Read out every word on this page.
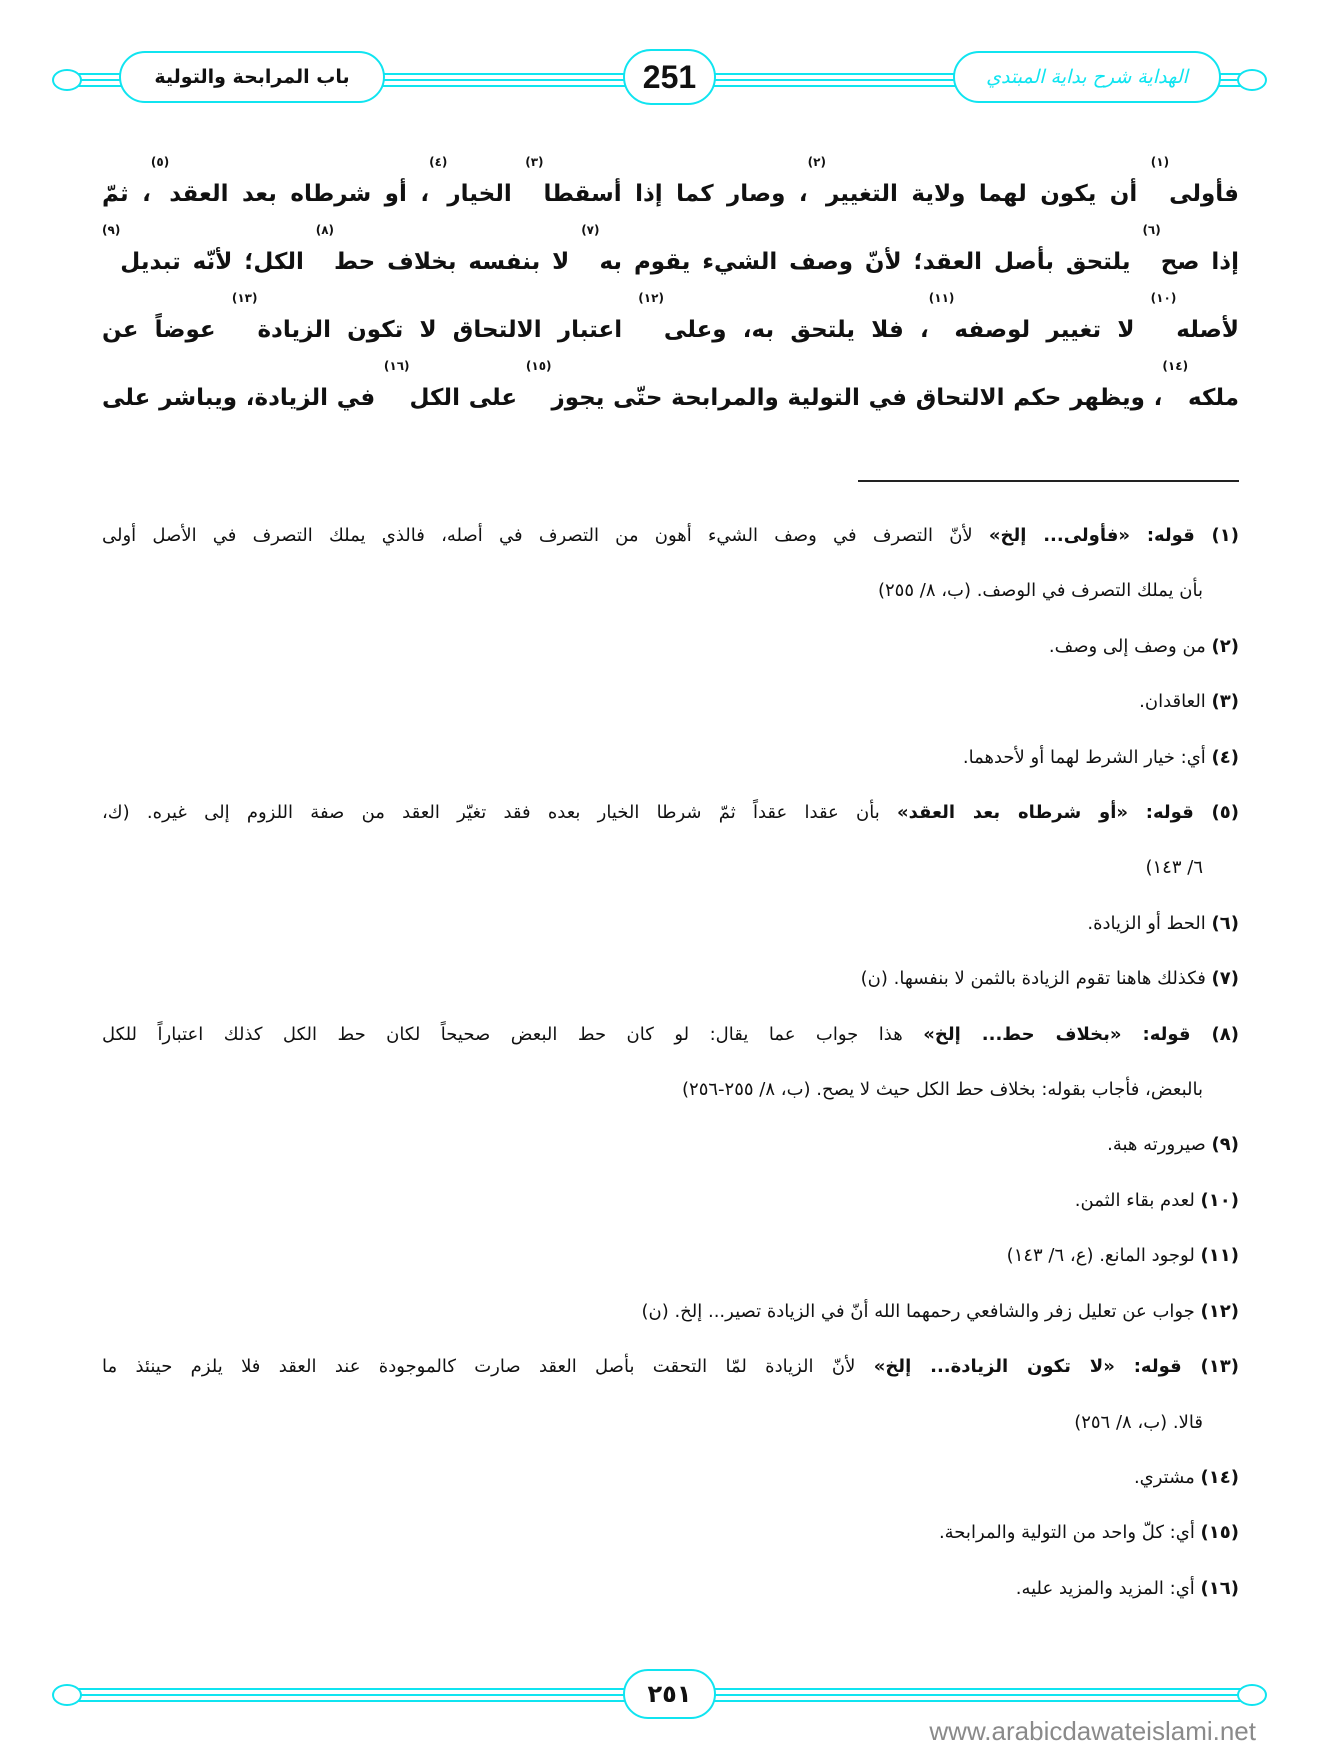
باب المرابحة والتولية	251	الهداية شرح بداية المبتدي
فأولى$^{(١)}$ أن يكون لهما ولاية التغيير$^{(٢)}$، وصار كما إذا أسقطا$^{(٣)}$ الخيار$^{(٤)}$، أو شرطاه بعد العقد$^{(٥)}$، ثمّ
إذا صح$^{(٦)}$ يلتحق بأصل العقد؛ لأنّ وصف الشيء يقوم به$^{(٧)}$ لا بنفسه بخلاف حط$^{(٨)}$ الكل؛ لأنّه تبديل$^{(٩)}$
لأصله$^{(١٠)}$ لا تغيير لوصفه$^{(١١)}$، فلا يلتحق به، وعلى$^{(١٢)}$ اعتبار الالتحاق لا تكون الزيادة$^{(١٣)}$ عوضاً عن
ملكه$^{(١٤)}$، ويظهر حكم الالتحاق في التولية والمرابحة حتّى يجوز$^{(١٥)}$ على الكل$^{(١٦)}$ في الزيادة، ويباشر على
(١) قوله: «فأولى... إلخ» لأنّ التصرف في وصف الشيء أهون من التصرف في أصله، فالذي يملك التصرف في الأصل أولى
بأن يملك التصرف في الوصف. (ب، ٨/ ٢٥٥)
(٢) من وصف إلى وصف.
(٣) العاقدان.
(٤) أي: خيار الشرط لهما أو لأحدهما.
(٥) قوله: «أو شرطاه بعد العقد» بأن عقدا عقداً ثمّ شرطا الخيار بعده فقد تغيّر العقد من صفة اللزوم إلى غيره. (ك،
٦/ ١٤٣)
(٦) الحط أو الزيادة.
(٧) فكذلك هاهنا تقوم الزيادة بالثمن لا بنفسها. (ن)
(٨) قوله: «بخلاف حط... إلخ» هذا جواب عما يقال: لو كان حط البعض صحيحاً لكان حط الكل كذلك اعتباراً للكل
بالبعض، فأجاب بقوله: بخلاف حط الكل حيث لا يصح. (ب، ٨/ ٢٥٥-٢٥٦)
(٩) صيرورته هبة.
(١٠) لعدم بقاء الثمن.
(١١) لوجود المانع. (ع، ٦/ ١٤٣)
(١٢) جواب عن تعليل زفر والشافعي رحمهما الله أنّ في الزيادة تصير... إلخ. (ن)
(١٣) قوله: «لا تكون الزيادة... إلخ» لأنّ الزيادة لمّا التحقت بأصل العقد صارت كالموجودة عند العقد فلا يلزم حينئذ ما
قالا. (ب، ٨/ ٢٥٦)
(١٤) مشتري.
(١٥) أي: كلّ واحد من التولية والمرابحة.
(١٦) أي: المزيد والمزيد عليه.
٢٥١
www.arabicdawateislami.net
